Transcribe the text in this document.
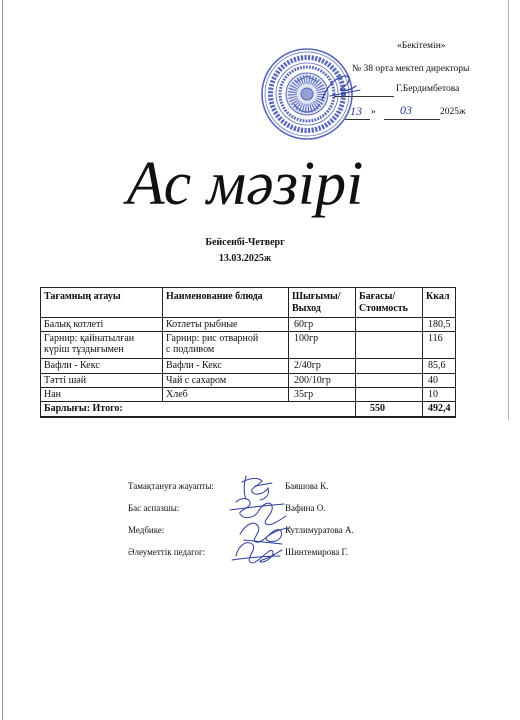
«Бекітемін»
№ 38 орта мектеп директоры
Г.Бердимбетова
13 » 03	2025ж
Ас мәзірі
Бейсенбі-Четверг
13.03.2025ж
Тағамның атауы	Наименование блюда	Шығымы/ Выход	Бағасы/ Стоимость	Ккал
Балық котлеті	Котлеты рыбные	60гр		180,5
Гарнир: қайнатылған күріш тұздығымен	Гарнир: рис отварной с подливом	100гр		116
Вафли - Кекс	Вафли - Кекс	2/40гр		85,6
Тәтті шәй	Чай с сахаром	200/10гр		40
Нан	Хлеб	35гр		10
Барлығы: Итого:			550	492,4
Тамақтануға жауапты:	Баяшова К.
Бас аспазшы:	Вафина О.
Медбике:	Кутлимуратова А.
Әлеуметтік педагог:	Шинтемирова Г.
